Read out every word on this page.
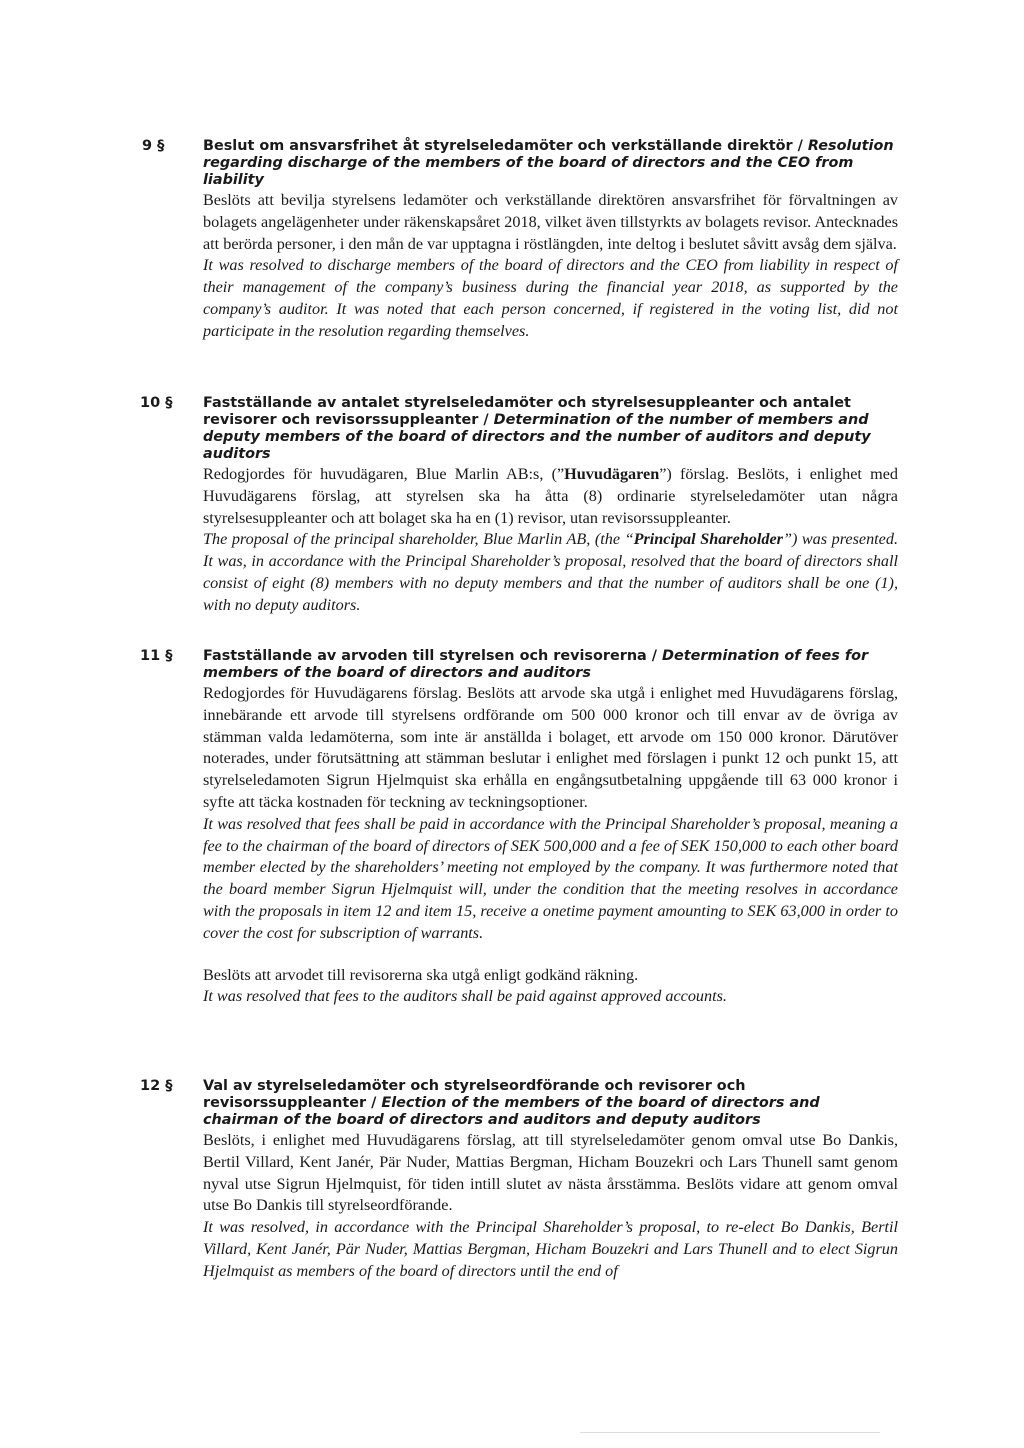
9 §	Beslut om ansvarsfrihet åt styrelseledamöter och verkställande direktör / Resolution regarding discharge of the members of the board of directors and the CEO from liability

Beslöts att bevilja styrelsens ledamöter och verkställande direktören ansvarsfrihet för förvaltningen av bolagets angelägenheter under räkenskapsåret 2018, vilket även tillstyrkts av bolagets revisor. Antecknades att berörda personer, i den mån de var upptagna i röstlängden, inte deltog i beslutet såvitt avsåg dem själva.

It was resolved to discharge members of the board of directors and the CEO from liability in respect of their management of the company’s business during the financial year 2018, as supported by the company’s auditor. It was noted that each person concerned, if registered in the voting list, did not participate in the resolution regarding themselves.

10 §	Fastställande av antalet styrelseledamöter och styrelsesuppleanter och antalet revisorer och revisorssuppleanter / Determination of the number of members and deputy members of the board of directors and the number of auditors and deputy auditors

Redogjordes för huvudägaren, Blue Marlin AB:s, (”Huvudägaren”) förslag. Beslöts, i enlighet med Huvudägarens förslag, att styrelsen ska ha åtta (8) ordinarie styrelseledamöter utan några styrelsesuppleanter och att bolaget ska ha en (1) revisor, utan revisorssuppleanter.

The proposal of the principal shareholder, Blue Marlin AB, (the “Principal Shareholder”) was presented. It was, in accordance with the Principal Shareholder’s proposal, resolved that the board of directors shall consist of eight (8) members with no deputy members and that the number of auditors shall be one (1), with no deputy auditors.

11 §	Fastställande av arvoden till styrelsen och revisorerna / Determination of fees for members of the board of directors and auditors

Redogjordes för Huvudägarens förslag. Beslöts att arvode ska utgå i enlighet med Huvudägarens förslag, innebärande ett arvode till styrelsens ordförande om 500 000 kronor och till envar av de övriga av stämman valda ledamöterna, som inte är anställda i bolaget, ett arvode om 150 000 kronor. Därutöver noterades, under förutsättning att stämman beslutar i enlighet med förslagen i punkt 12 och punkt 15, att styrelseledamoten Sigrun Hjelmquist ska erhålla en engångsutbetalning uppgående till 63 000 kronor i syfte att täcka kostnaden för teckning av teckningsoptioner.

It was resolved that fees shall be paid in accordance with the Principal Shareholder’s proposal, meaning a fee to the chairman of the board of directors of SEK 500,000 and a fee of SEK 150,000 to each other board member elected by the shareholders’ meeting not employed by the company. It was furthermore noted that the board member Sigrun Hjelmquist will, under the condition that the meeting resolves in accordance with the proposals in item 12 and item 15, receive a onetime payment amounting to SEK 63,000 in order to cover the cost for subscription of warrants.

Beslöts att arvodet till revisorerna ska utgå enligt godkänd räkning.

It was resolved that fees to the auditors shall be paid against approved accounts.

12 §	Val av styrelseledamöter och styrelseordförande och revisorer och revisorssuppleanter / Election of the members of the board of directors and chairman of the board of directors and auditors and deputy auditors

Beslöts, i enlighet med Huvudägarens förslag, att till styrelseledamöter genom omval utse Bo Dankis, Bertil Villard, Kent Janér, Pär Nuder, Mattias Bergman, Hicham Bouzekri och Lars Thunell samt genom nyval utse Sigrun Hjelmquist, för tiden intill slutet av nästa årsstämma. Beslöts vidare att genom omval utse Bo Dankis till styrelseordförande.

It was resolved, in accordance with the Principal Shareholder’s proposal, to re-elect Bo Dankis, Bertil Villard, Kent Janér, Pär Nuder, Mattias Bergman, Hicham Bouzekri and Lars Thunell and to elect Sigrun Hjelmquist as members of the board of directors until the end of
